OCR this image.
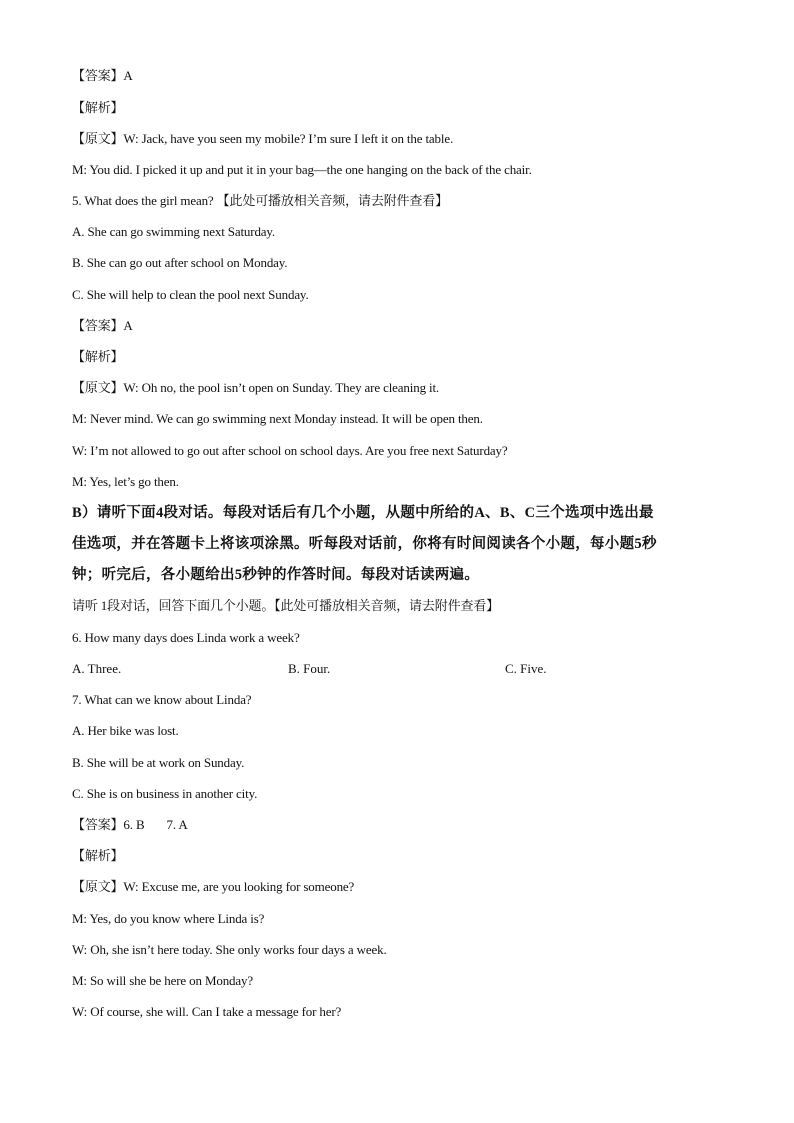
【答案】A

【解析】

【原文】W: Jack, have you seen my mobile? I’m sure I left it on the table.

M: You did. I picked it up and put it in your bag—the one hanging on the back of the chair.

5. What does the girl mean? 【此处可播放相关音频，请去附件查看】

A. She can go swimming next Saturday.

B. She can go out after school on Monday.

C. She will help to clean the pool next Sunday.

【答案】A

【解析】

【原文】W: Oh no, the pool isn’t open on Sunday. They are cleaning it.

M: Never mind. We can go swimming next Monday instead. It will be open then.

W: I’m not allowed to go out after school on school days. Are you free next Saturday?

M: Yes, let’s go then.

B）请听下面4段对话。每段对话后有几个小题，从题中所给的A、B、C三个选项中选出最

佳选项，并在答题卡上将该项涂黑。听每段对话前，你将有时间阅读各个小题，每小题5秒

钟；听完后，各小题给出5秒钟的作答时间。每段对话读两遍。

请听 1段对话，回答下面几个小题。【此处可播放相关音频，请去附件查看】

6. How many days does Linda work a week?

A. Three.	B. Four.	C. Five.

7. What can we know about Linda?

A. Her bike was lost.

B. She will be at work on Sunday.

C. She is on business in another city.

【答案】6. B 7. A

【解析】

【原文】W: Excuse me, are you looking for someone?

M: Yes, do you know where Linda is?

W: Oh, she isn’t here today. She only works four days a week.

M: So will she be here on Monday?

W: Of course, she will. Can I take a message for her?
